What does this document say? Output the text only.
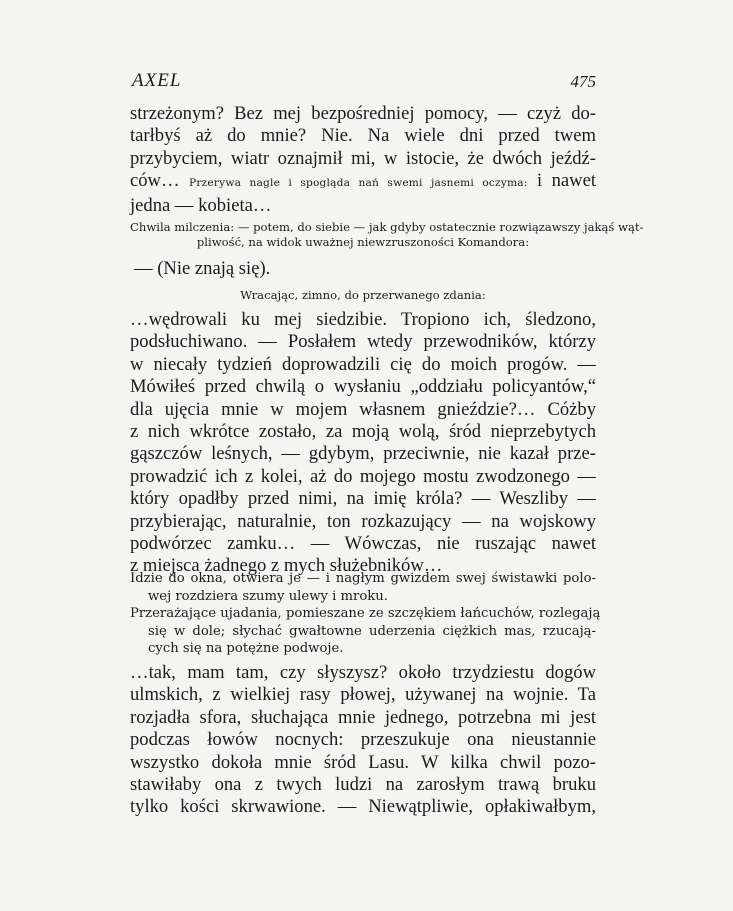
AXEL	475
strzeżonym? Bez mej bezpośredniej pomocy, — czyż do-
tarłbyś aż do mnie? Nie. Na wiele dni przed twem
przybyciem, wiatr oznajmił mi, w istocie, że dwóch jeźdź-
ców… Przerywa nagle i spogląda nań swemi jasnemi oczyma: i nawet
jedna — kobieta…
Chwila milczenia: — potem, do siebie — jak gdyby ostatecznie rozwiązawszy jakąś wąt-
pliwość, na widok uważnej niewzruszoności Komandora:
— (Nie znają się).
Wracając, zimno, do przerwanego zdania:
…wędrowali ku mej siedzibie. Tropiono ich, śledzono,
podsłuchiwano. — Posłałem wtedy przewodników, którzy
w niecały tydzień doprowadzili cię do moich progów. —
Mówiłeś przed chwilą o wysłaniu „oddziału policyantów,“
dla ujęcia mnie w mojem własnem gnieździe?… Cóżby
z nich wkrótce zostało, za moją wolą, śród nieprzebytych
gąszczów leśnych, — gdybym, przeciwnie, nie kazał prze-
prowadzić ich z kolei, aż do mojego mostu zwodzonego —
który opadłby przed nimi, na imię króla? — Weszliby —
przybierając, naturalnie, ton rozkazujący — na wojskowy
podwórzec zamku… — Wówczas, nie ruszając nawet
z miejsca żadnego z mych służebników…
Idzie do okna, otwiera je — i nagłym gwizdem swej świstawki polo-
wej rozdziera szumy ulewy i mroku.
Przerażające ujadania, pomieszane ze szczękiem łańcuchów, rozlegają
się w dole; słychać gwałtowne uderzenia ciężkich mas, rzucają-
cych się na potężne podwoje.
…tak, mam tam, czy słyszysz? około trzydziestu dogów
ulmskich, z wielkiej rasy płowej, używanej na wojnie. Ta
rozjadła sfora, słuchająca mnie jednego, potrzebna mi jest
podczas łowów nocnych: przeszukuje ona nieustannie
wszystko dokoła mnie śród Lasu. W kilka chwil pozo-
stawiłaby ona z twych ludzi na zarosłym trawą bruku
tylko kości skrwawione. — Niewątpliwie, opłakiwałbym,
